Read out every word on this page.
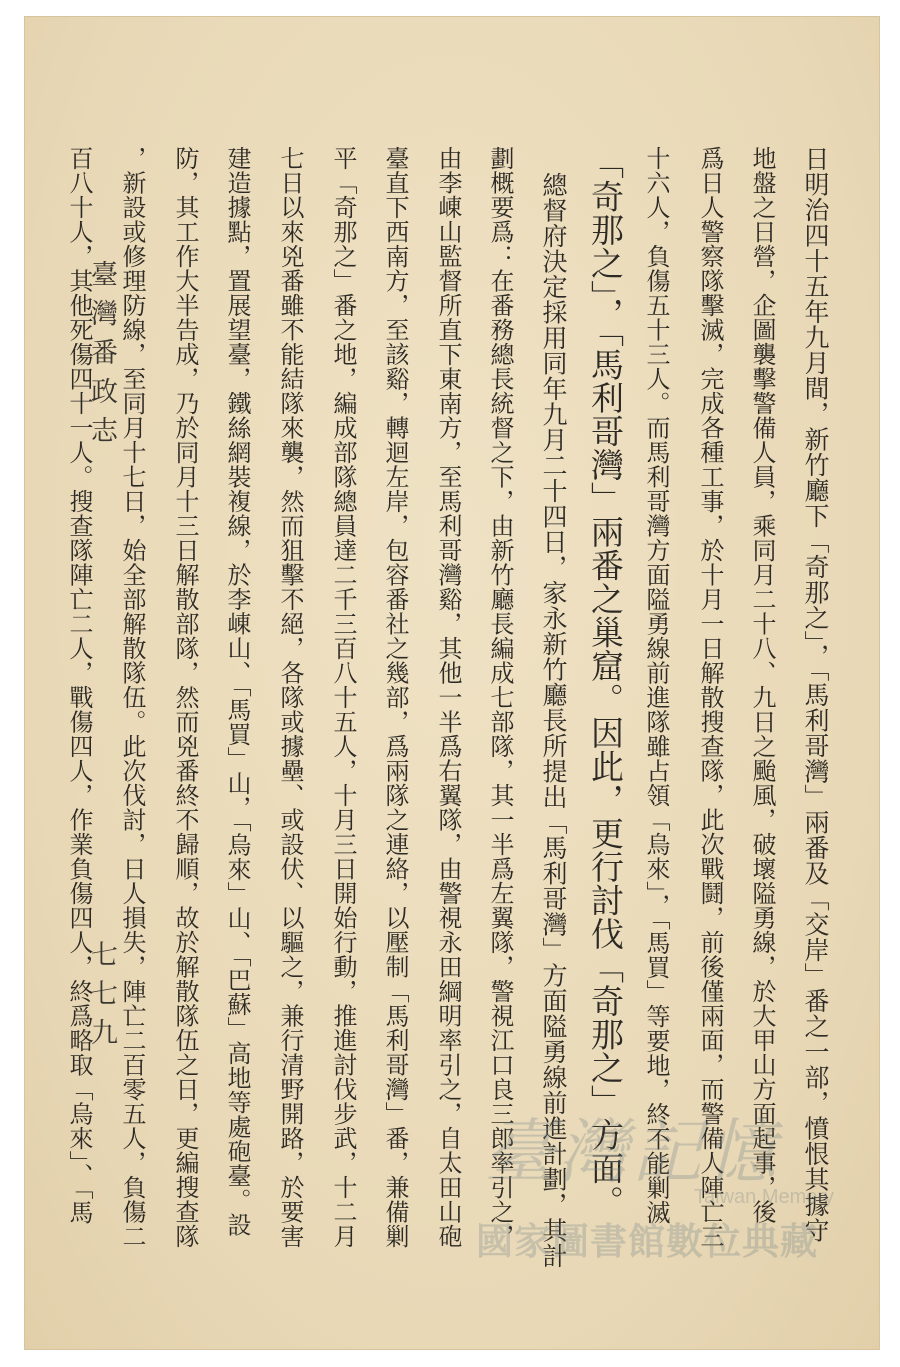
日明治四十五年九月間，新竹廳下「奇那之」，「馬利哥灣」兩番及「交岸」番之一部，憤恨其據守
地盤之日營，企圖襲擊警備人員，乘同月二十八、九日之颱風，破壞隘勇線，於大甲山方面起事，後
爲日人警察隊擊滅，完成各種工事，於十月一日解散搜查隊，此次戰鬪，前後僅兩面，而警備人陣亡三
十六人，負傷五十三人。而馬利哥灣方面隘勇線前進隊雖占領「烏來」，「馬買」等要地，終不能剿滅
「奇那之」，「馬利哥灣」兩番之巢窟。因此，更行討伐「奇那之」方面。
總督府決定採用同年九月二十四日，家永新竹廳長所提出「馬利哥灣」方面隘勇線前進計劃，其計
劃概要爲：在番務總長統督之下，由新竹廳長編成七部隊，其一半爲左翼隊，警視江口良三郎率引之，
由李崠山監督所直下東南方，至馬利哥灣谿，其他一半爲右翼隊，由警視永田綱明率引之，自太田山砲
臺直下西南方，至該谿，轉迴左岸，包容番社之幾部，爲兩隊之連絡，以壓制「馬利哥灣」番，兼備剿
平「奇那之」番之地，編成部隊總員達二千三百八十五人，十月三日開始行動，推進討伐步武，十二月
七日以來兇番雖不能結隊來襲，然而狙擊不絕，各隊或據壘、或設伏、以驅之，兼行清野開路，於要害
建造據點，置展望臺，鐵絲網裝複線，於李崠山、「馬買」山，「烏來」山、「巴蘇」高地等處砲臺。設
防，其工作大半告成，乃於同月十三日解散部隊，然而兇番終不歸順，故於解散隊伍之日，更編搜查隊
，新設或修理防線，至同月十七日，始全部解散隊伍。此次伐討，日人損失，陣亡二百零五人，負傷二
百八十人，其他死傷四十一人。搜查隊陣亡二人，戰傷四人，作業負傷四人，終爲略取「烏來」、「馬
臺灣番政志
七七九
臺灣記憶
Taiwan Memory
國家圖書館數位典藏
